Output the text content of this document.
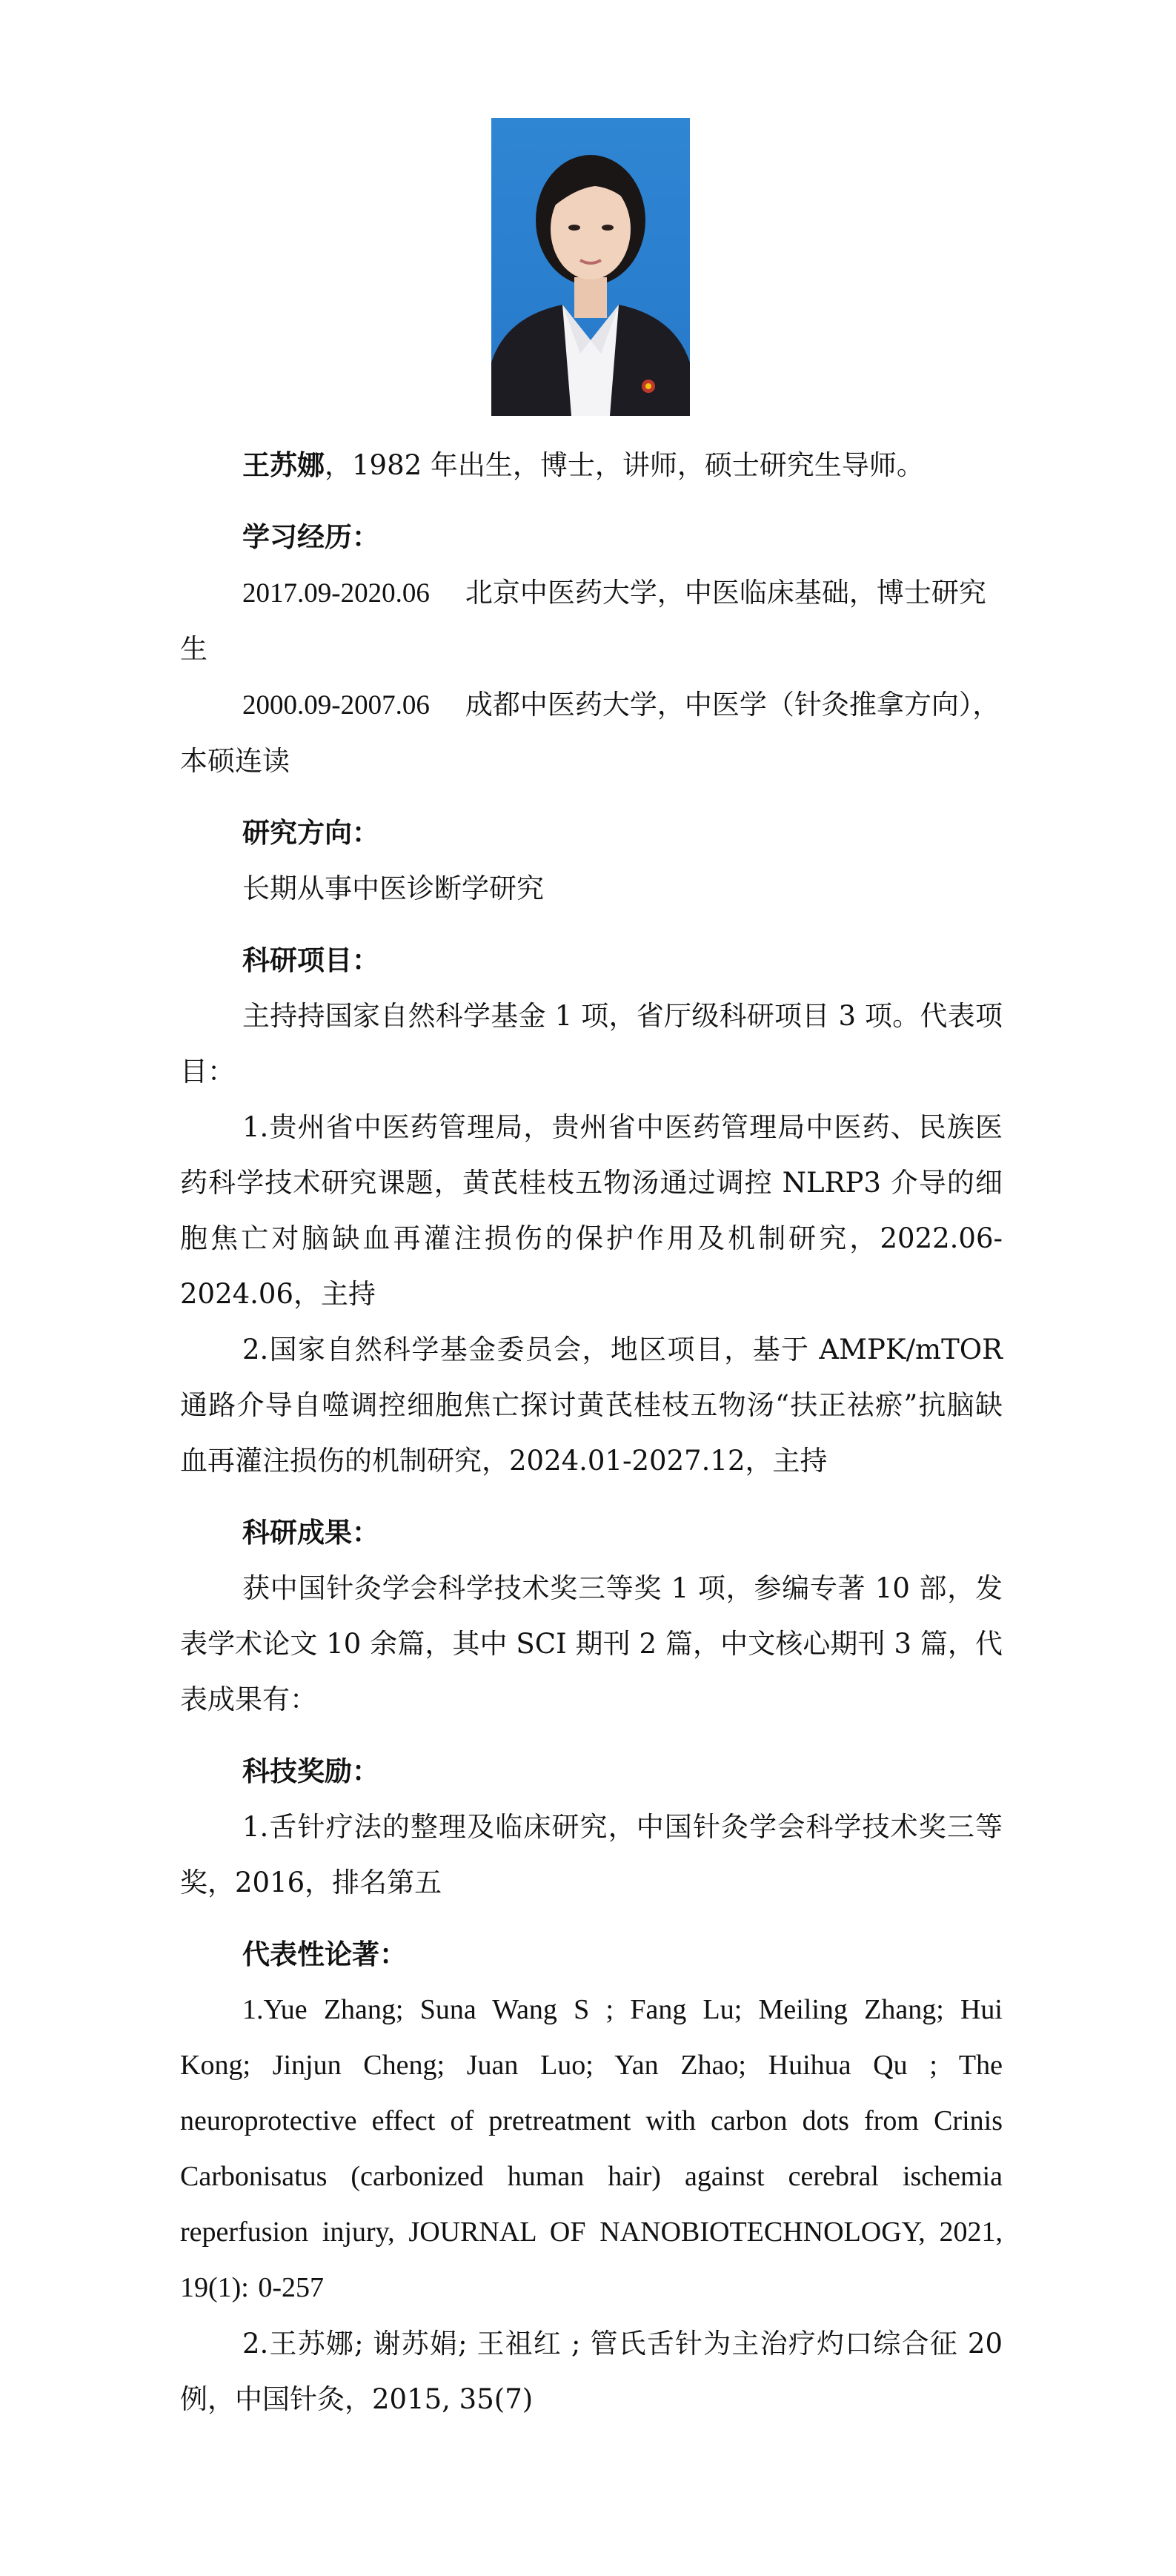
王苏娜，1982 年出生，博士，讲师，硕士研究生导师。

学习经历：

2017.09-2020.06 北京中医药大学，中医临床基础，博士研究生

2000.09-2007.06 成都中医药大学，中医学（针灸推拿方向），本硕连读

研究方向：

长期从事中医诊断学研究

科研项目：

主持持国家自然科学基金 1 项，省厅级科研项目 3 项。代表项目：

1.贵州省中医药管理局，贵州省中医药管理局中医药、民族医药科学技术研究课题，黄芪桂枝五物汤通过调控 NLRP3 介导的细胞焦亡对脑缺血再灌注损伤的保护作用及机制研究，2022.06-2024.06，主持

2.国家自然科学基金委员会，地区项目，基于 AMPK/mTOR 通路介导自噬调控细胞焦亡探讨黄芪桂枝五物汤“扶正祛瘀”抗脑缺血再灌注损伤的机制研究，2024.01-2027.12，主持

科研成果：

获中国针灸学会科学技术奖三等奖 1 项，参编专著 10 部，发表学术论文 10 余篇，其中 SCI 期刊 2 篇，中文核心期刊 3 篇，代表成果有：

科技奖励：

1.舌针疗法的整理及临床研究，中国针灸学会科学技术奖三等奖，2016，排名第五

代表性论著：

1.Yue Zhang; Suna Wang S ; Fang Lu; Meiling Zhang; Hui Kong; Jinjun Cheng; Juan Luo; Yan Zhao; Huihua Qu ; The neuroprotective effect of pretreatment with carbon dots from Crinis Carbonisatus (carbonized human hair) against cerebral ischemia reperfusion injury, JOURNAL OF NANOBIOTECHNOLOGY, 2021, 19(1): 0-257

2.王苏娜; 谢苏娟; 王祖红 ; 管氏舌针为主治疗灼口综合征 20 例，中国针灸，2015, 35(7)
